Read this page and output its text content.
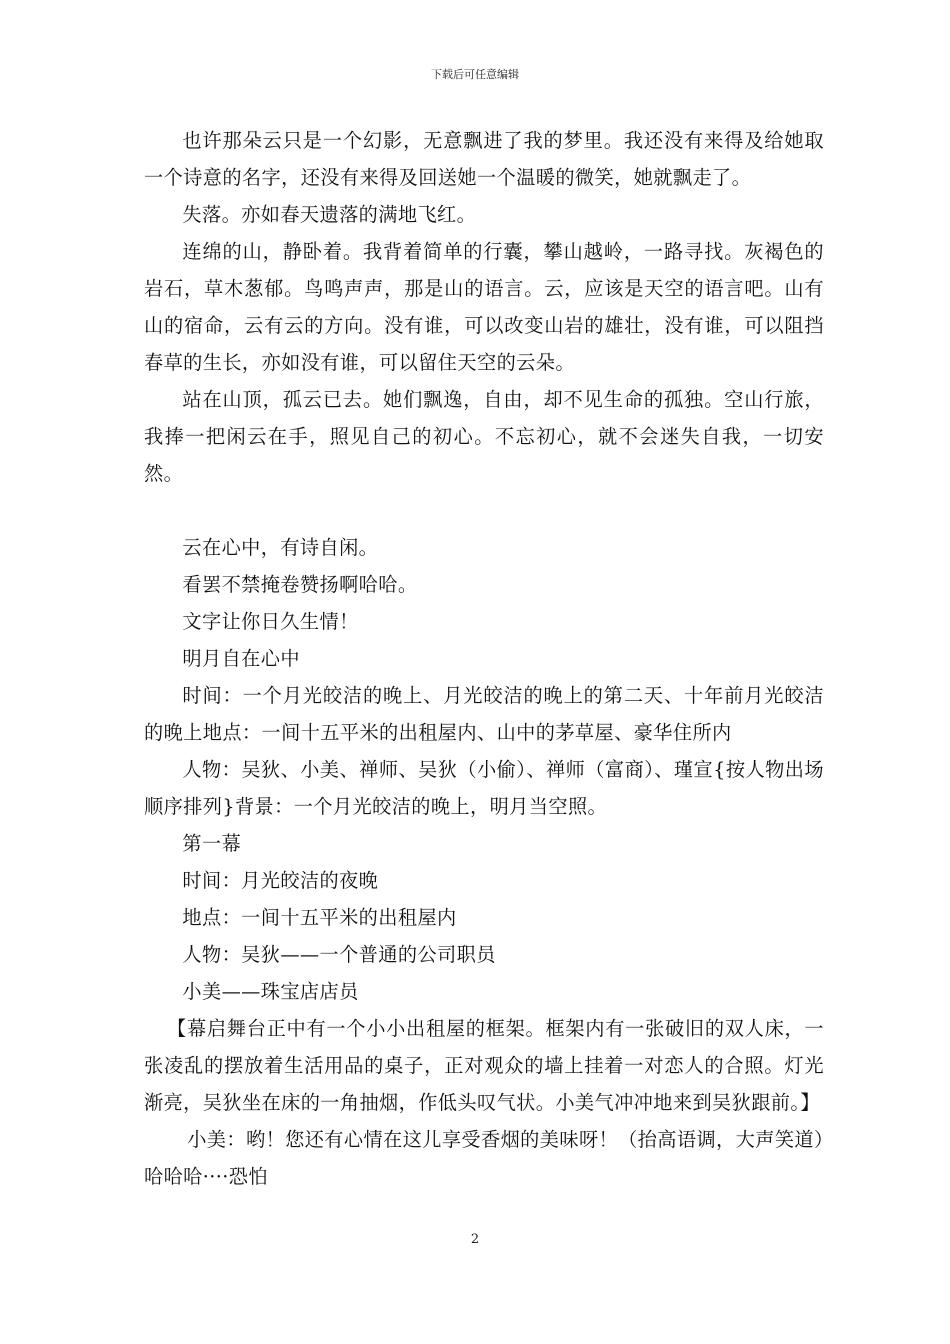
下载后可任意编辑

也许那朵云只是一个幻影，无意飘进了我的梦里。我还没有来得及给她取一个诗意的名字，还没有来得及回送她一个温暖的微笑，她就飘走了。

失落。亦如春天遗落的满地飞红。

连绵的山，静卧着。我背着简单的行囊，攀山越岭，一路寻找。灰褐色的岩石，草木葱郁。鸟鸣声声，那是山的语言。云，应该是天空的语言吧。山有山的宿命，云有云的方向。没有谁，可以改变山岩的雄壮，没有谁，可以阻挡春草的生长，亦如没有谁，可以留住天空的云朵。

站在山顶，孤云已去。她们飘逸，自由，却不见生命的孤独。空山行旅，我捧一把闲云在手，照见自己的初心。不忘初心，就不会迷失自我，一切安然。

云在心中，有诗自闲。

看罢不禁掩卷赞扬啊哈哈。

文字让你日久生情！

明月自在心中

时间：一个月光皎洁的晚上、月光皎洁的晚上的第二天、十年前月光皎洁的晚上地点：一间十五平米的出租屋内、山中的茅草屋、豪华住所内

人物：吴狄、小美、禅师、吴狄（小偷）、禅师（富商）、瑾宣{按人物出场顺序排列}背景：一个月光皎洁的晚上，明月当空照。

第一幕

时间：月光皎洁的夜晚

地点：一间十五平米的出租屋内

人物：吴狄——一个普通的公司职员

小美——珠宝店店员

【幕启舞台正中有一个小小出租屋的框架。框架内有一张破旧的双人床，一张凌乱的摆放着生活用品的桌子，正对观众的墙上挂着一对恋人的合照。灯光渐亮，吴狄坐在床的一角抽烟，作低头叹气状。小美气冲冲地来到吴狄跟前。】

小美：哟！您还有心情在这儿享受香烟的美味呀！（抬高语调，大声笑道）哈哈哈····恐怕

2
